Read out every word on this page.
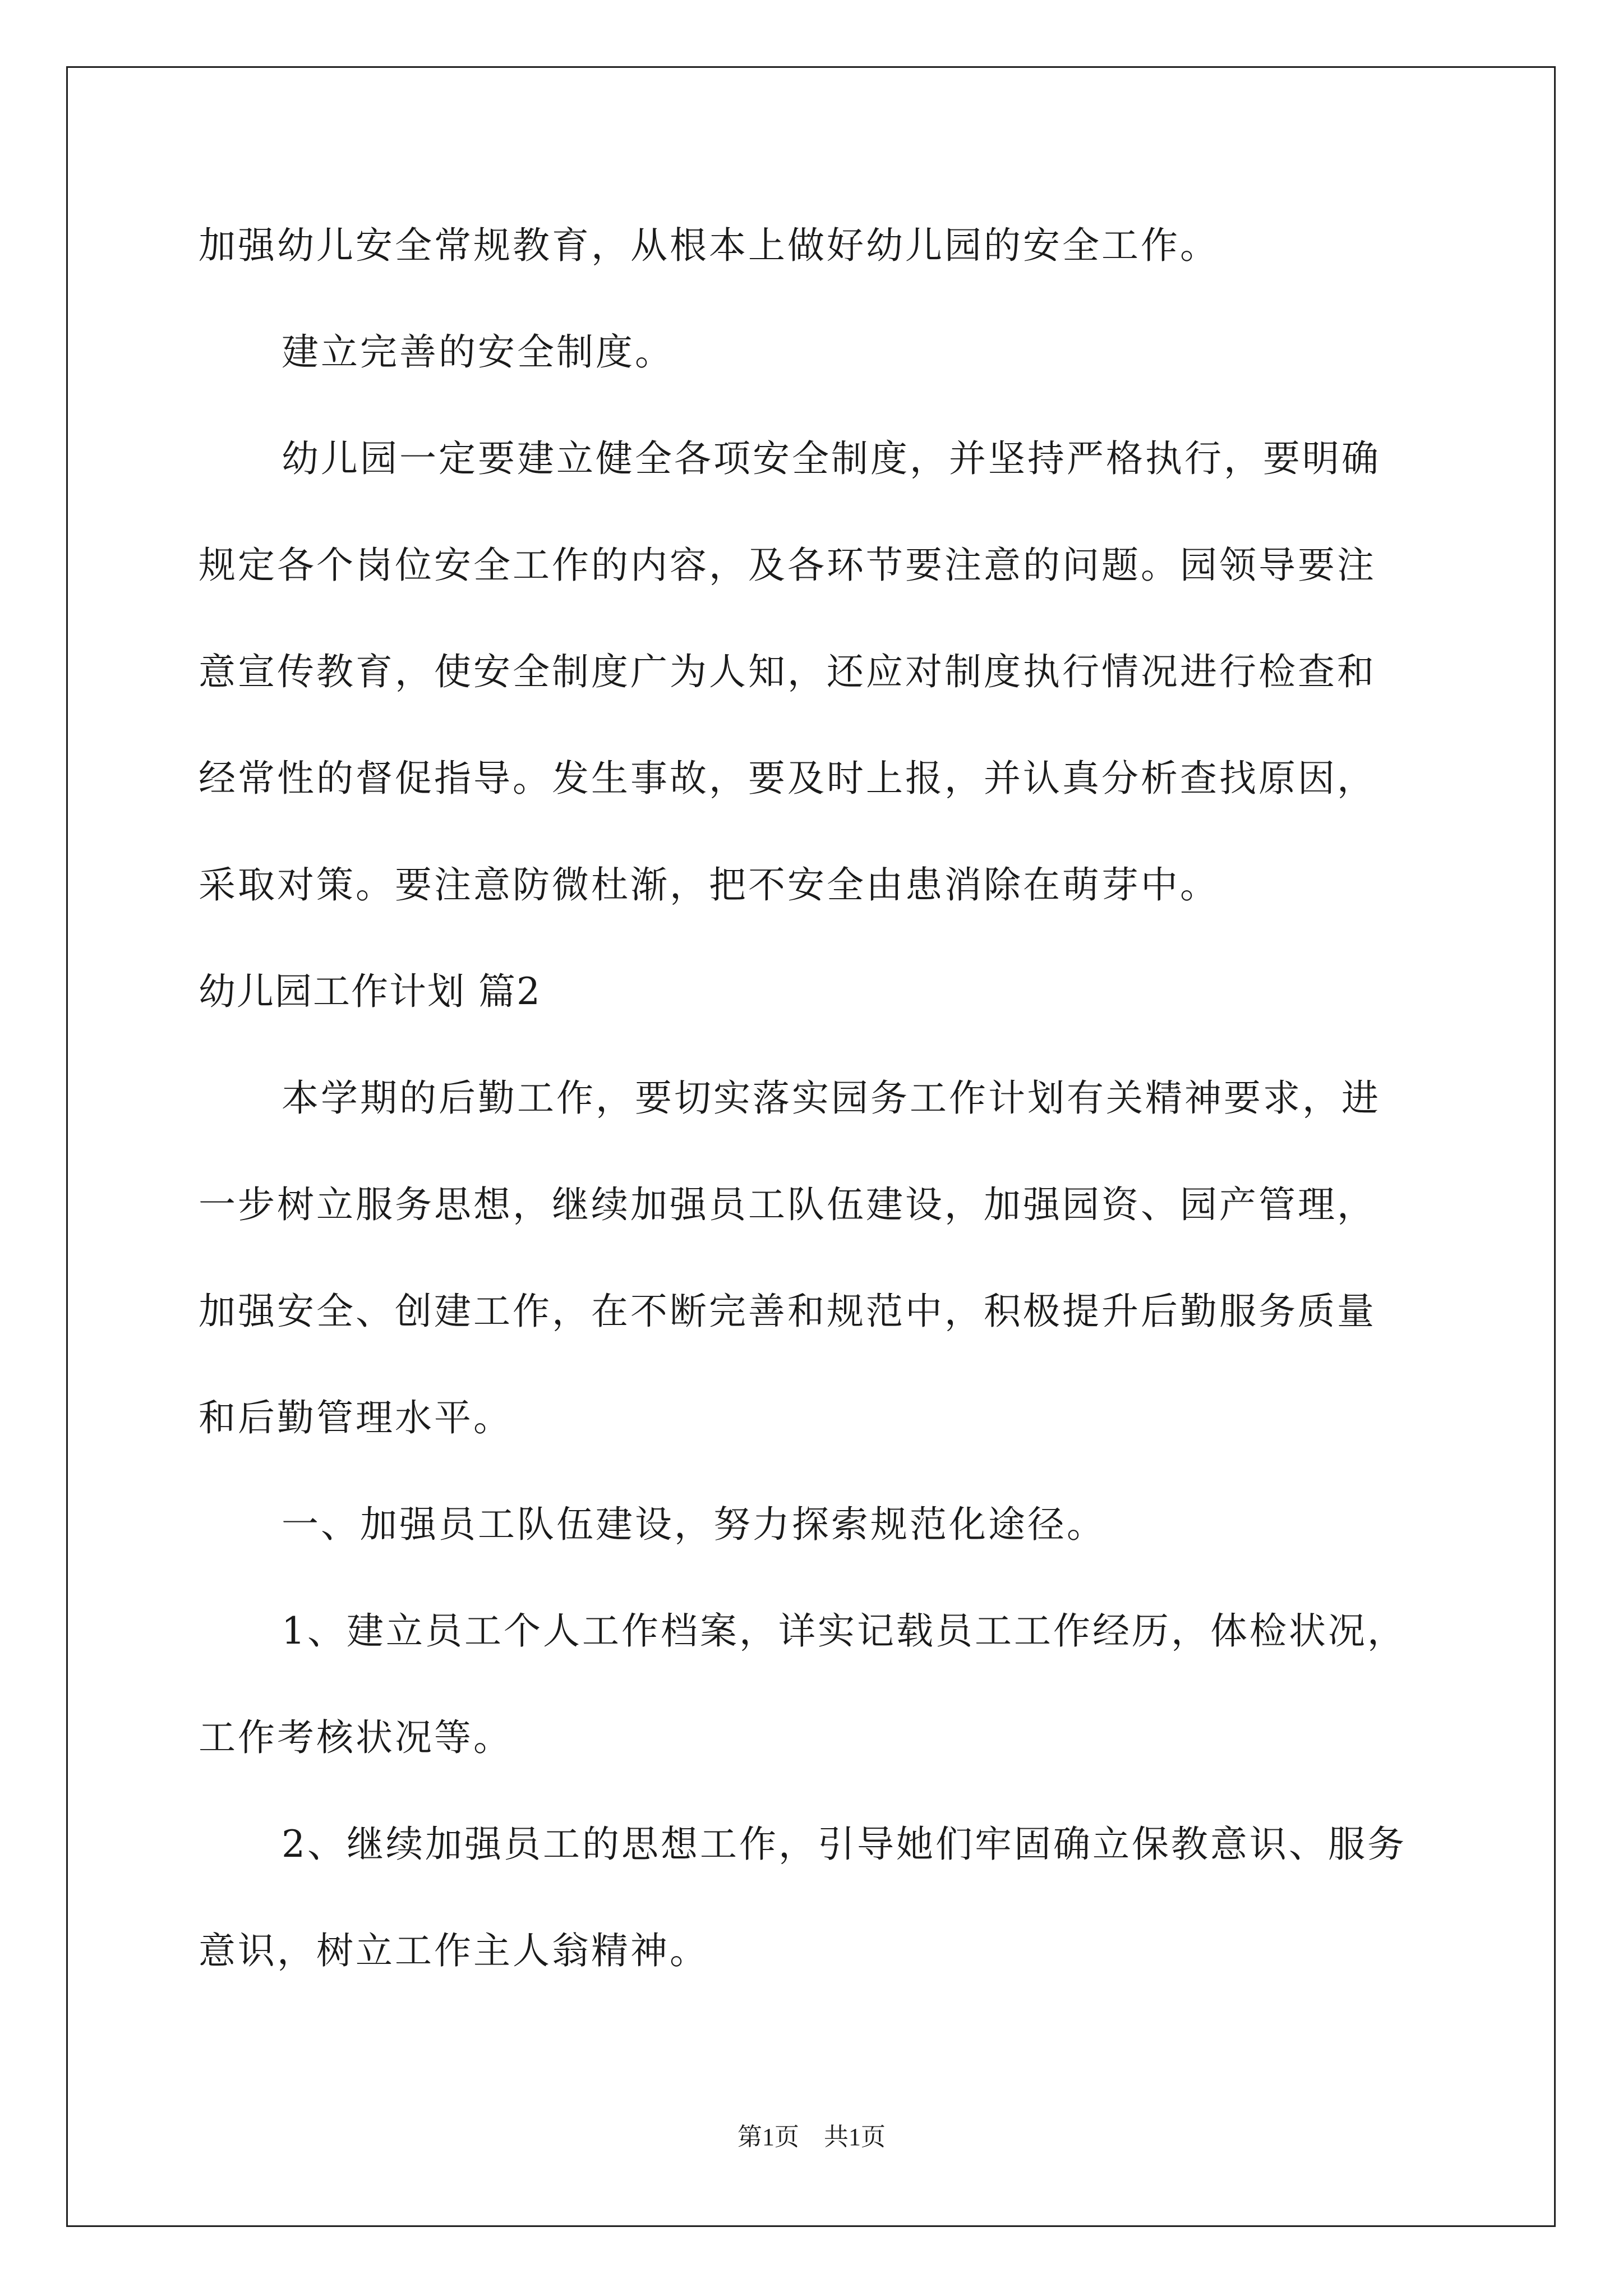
加强幼儿安全常规教育，从根本上做好幼儿园的安全工作。
建立完善的安全制度。
幼儿园一定要建立健全各项安全制度，并坚持严格执行，要明确
规定各个岗位安全工作的内容，及各环节要注意的问题。园领导要注
意宣传教育，使安全制度广为人知，还应对制度执行情况进行检查和
经常性的督促指导。发生事故，要及时上报，并认真分析查找原因，
采取对策。要注意防微杜渐，把不安全由患消除在萌芽中。
幼儿园工作计划 篇2
本学期的后勤工作，要切实落实园务工作计划有关精神要求，进
一步树立服务思想，继续加强员工队伍建设，加强园资、园产管理，
加强安全、创建工作，在不断完善和规范中，积极提升后勤服务质量
和后勤管理水平。
一、加强员工队伍建设，努力探索规范化途径。
1、建立员工个人工作档案，详实记载员工工作经历，体检状况，
工作考核状况等。
2、继续加强员工的思想工作，引导她们牢固确立保教意识、服务
意识，树立工作主人翁精神。
第1页　共1页
